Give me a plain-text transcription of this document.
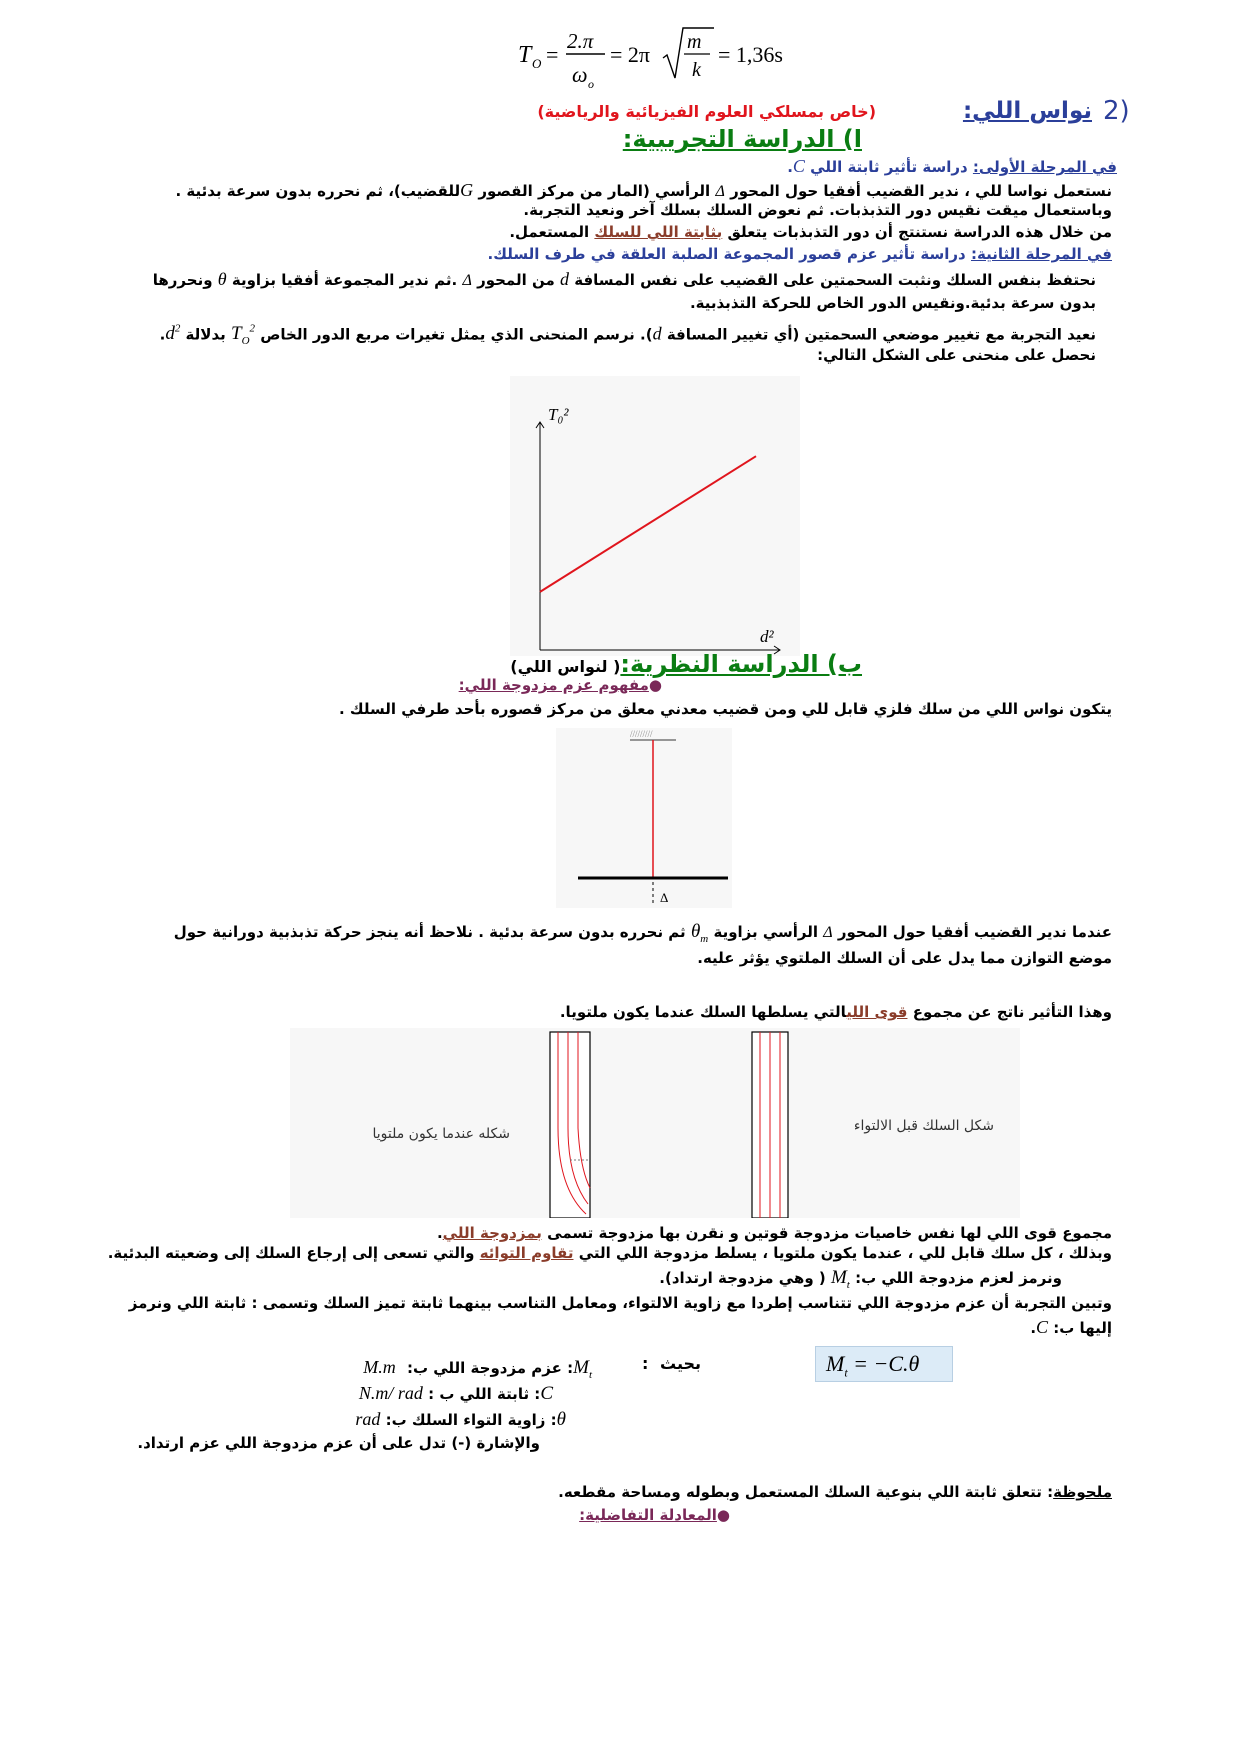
T O =
2.π
ω o
= 2π m
k
= 1,36s
2)
نواس اللي:
(خاص بمسلكي العلوم الفيزيائية والرياضية)
ا) الدراسة التجريبية:
في المرحلة الأولى: دراسة تأثير ثابتة اللي C.
نستعمل نواسا للي ، ندير القضيب أفقيا حول المحور Δ الرأسي (المار من مركز القصور Gللقضيب)، ثم نحرره بدون سرعة بدئية .
وباستعمال ميقت نقيس دور التذبذبات. ثم نعوض السلك بسلك آخر ونعيد التجربة.
من خلال هذه الدراسة نستنتج أن دور التذبذبات يتعلق بثابتة اللي للسلك المستعمل.
في المرحلة الثانية: دراسة تأثير عزم قصور المجموعة الصلبة العلقة في طرف السلك.
نحتفظ بنفس السلك ونثبت السحمتين على القضيب على نفس المسافة d من المحور Δ .ثم ندير المجموعة أفقيا بزاوية θ ونحررها
بدون سرعة بدئية.ونقيس الدور الخاص للحركة التذبذبية.
نعيد التجربة مع تغيير موضعي السحمتين (أي تغيير المسافة d). نرسم المنحنى الذي يمثل تغيرات مربع الدور الخاص $T_O^2$ بدلالة $d^2$.
نحصل على منحنى على الشكل التالي:
T₀²
d²
ب) الدراسة النظرية:( لنواس اللي)
●مفهوم عزم مزدوجة اللي:
يتكون نواس اللي من سلك فلزي قابل للي ومن قضيب معدني معلق من مركز قصوره بأحد طرفي السلك .
/////////
Δ
عندما ندير القضيب أفقيا حول المحور Δ الرأسي بزاوية $\theta_m$ ثم نحرره بدون سرعة بدئية . نلاحظ أنه ينجز حركة تذبذبية دورانية حول
موضع التوازن مما يدل على أن السلك الملتوي يؤثر عليه.
وهذا التأثير ناتج عن مجموع قوى الليالتي يسلطها السلك عندما يكون ملتويا.
شكله عندما يكون ملتويا	شكل السلك قبل الالتواء
مجموع قوى اللي لها نفس خاصيات مزدوجة قوتين و نقرن بها مزدوجة تسمى بمزدوجة اللي.
وبذلك ، كل سلك قابل للي ، عندما يكون ملتويا ، يسلط مزدوجة اللي التي تقاوم التوائه والتي تسعى إلى إرجاع السلك إلى وضعيته البدئية.
ونرمز لعزم مزدوجة اللي ب: $M_t$ ( وهي مزدوجة ارتداد).
وتبين التجربة أن عزم مزدوجة اللي تتناسب إطردا مع زاوية الالتواء، ومعامل التناسب بينهما ثابتة تميز السلك وتسمى : ثابتة اللي ونرمز
إليها ب: C.
$M_t = -C.\theta$
بحيث
:
$M_t$: عزم مزدوجة اللي ب: M.m
C: ثابتة اللي ب : N.m/ rad
θ: زاوية التواء السلك ب: rad
والإشارة (-) تدل على أن عزم مزدوجة اللي عزم ارتداد.
ملحوظة: تتعلق ثابتة اللي بنوعية السلك المستعمل وبطوله ومساحة مقطعه.
●المعادلة التفاضلية:
